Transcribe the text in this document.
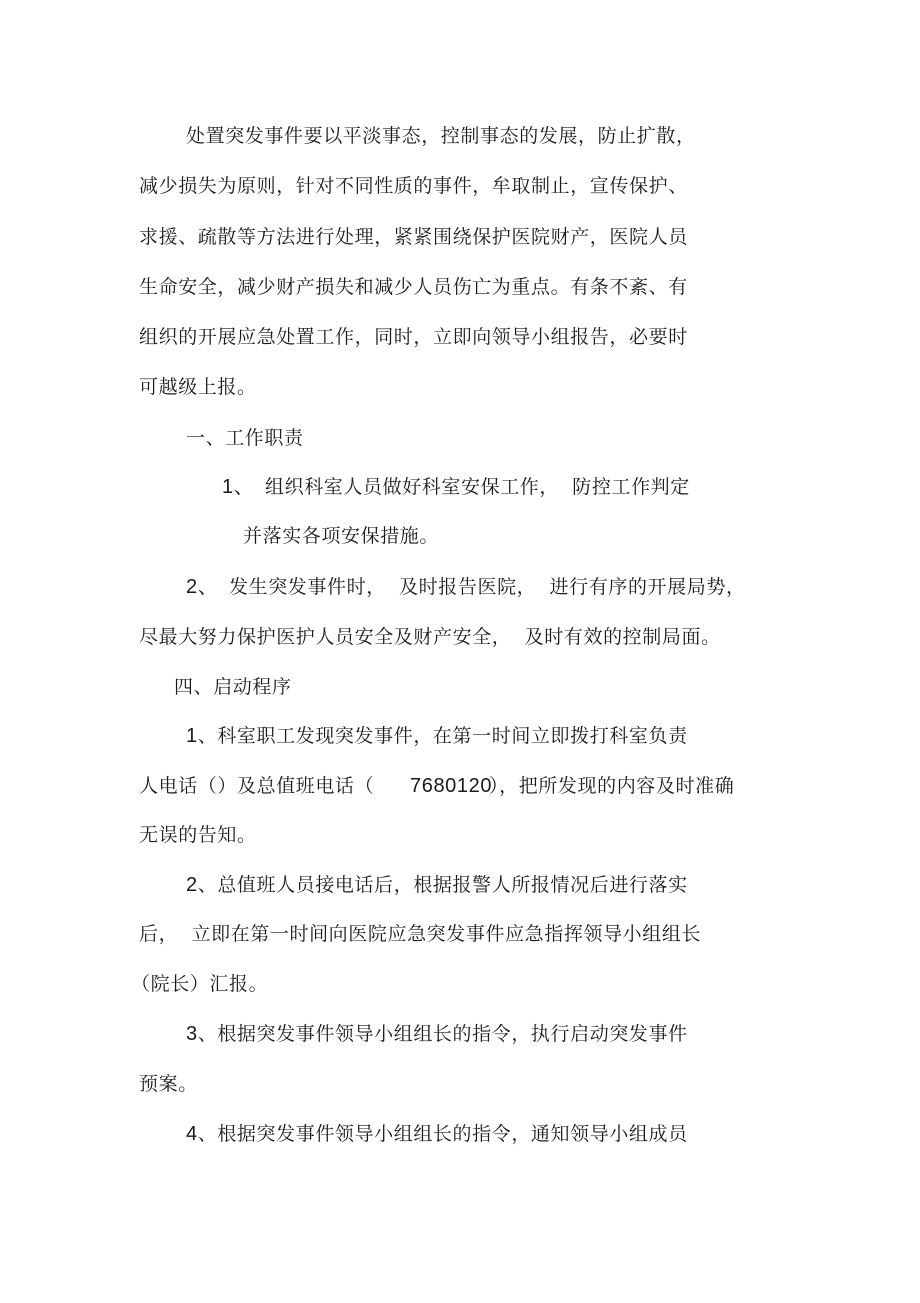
处置突发事件要以平淡事态，控制事态的发展，防止扩散，
减少损失为原则，针对不同性质的事件，牟取制止，宣传保护、
求援、疏散等方法进行处理，紧紧围绕保护医院财产，医院人员
生命安全，减少财产损失和减少人员伤亡为重点。有条不紊、有
组织的开展应急处置工作，同时，立即向领导小组报告，必要时
可越级上报。
一、工作职责
1、 组织科室人员做好科室安保工作，  防控工作判定
并落实各项安保措施。
2、 发生突发事件时，  及时报告医院，  进行有序的开展局势，
尽最大努力保护医护人员安全及财产安全，  及时有效的控制局面。
四、启动程序
1、科室职工发现突发事件，在第一时间立即拨打科室负责
人电话（）及总值班电话（ 7680120
），把所发现的内容及时准确
无误的告知。
2、总值班人员接电话后，根据报警人所报情况后进行落实
后，  立即在第一时间向医院应急突发事件应急指挥领导小组组长
（院长）汇报。
3、根据突发事件领导小组组长的指令，执行启动突发事件
预案。
4、根据突发事件领导小组组长的指令，通知领导小组成员
